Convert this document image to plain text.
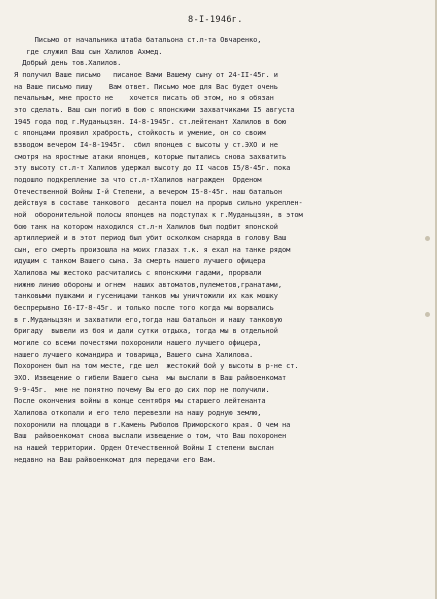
8-I-1946г.
Письмо от начальника штаба батальона ст.л-та Овчаренко,
где служил Ваш сын Халилов Ахмед.
Добрый день тов.Халилов.
Я получил Ваше письмо   писаное Вами Вашему сыну от 24-II-45г. и
на Ваше письмо пишу    Вам ответ. Письмо мое для Вас будет очень
печальным, мне просто не    хочется писать об этом, но я обязан
это сделать. Ваш сын погиб в бою с японскими захватчиками I5 августа
1945 года под г.Муданьцзян. I4-8-1945г. ст.лейтенант Халилов в бою
с японцами проявил храбрость, стойкость и умение, он со своим
взводом вечером I4-8-1945г.  сбил японцев с высоты у ст.ЭХО и не
смотря на яростные атаки японцев, которые пытались снова захватить
эту высоту ст.л-т Халилов удержал высоту до II часов I5/8-45г. пока
подошло подкрепление за что ст.л-тХалилов награжден  Орденом
Отечественной Войны I-й Степени, а вечером I5-8-45г. наш батальон
действуя в составе танкового  десанта пошел на прорыв сильно укреплен-
ной  оборонительной полосы японцев на подступах к г.Муданьцзян, в этом
бою танк на котором находился ст.л-н Халилов был подбит японской
артиллерией и в этот период был убит осколком снаряда в голову Ваш
сын, его смерть произошла на моих глазах т.к. я ехал на танке рядом
идущим с танком Вашего сына. За смерть нашего лучшего офицера
Халилова мы жестоко расчитались с японскими гадами, прорвали
нижню линию обороны и огнем  наших автоматов,пулеметов,гранатами,
танковыми пушками и гусеницами танков мы уничтожили их как мошку
беспрерывно I6-I7-8-45г. и только после того когда мы ворвались
в г.Муданьцзян и захватили его,тогда наш батальон и нашу танковую
бригаду  вывели из боя и дали сутки отдыха, тогда мы в отдельной
могиле со всеми почестями похоронили нашего лучшего офицера,
нашего лучшего командира и товарища, Вашего сына Халилова.
Похоронен был на том месте, где шел  жестокий бой у высоты в р-не ст.
ЭХО. Извещение о гибели Вашего сына  мы выслали в Ваш райвоенкомат
9-9-45г.  мне не понятно почему Вы его до сих пор не получили.
После окончения войны в конце сентября мы старшего лейтенанта
Халилова откопали и его тело перевезли на нашу родную землю,
похоронили на площади в г.Камень Рыболов Приморского края. О чем на
Ваш  райвоенкомат снова выслали извещение о том, что Ваш похоронен
на нашей территории. Орден Отечественной Войны I степени выслан
недавно на Ваш райвоенкомат для передачи его Вам.
